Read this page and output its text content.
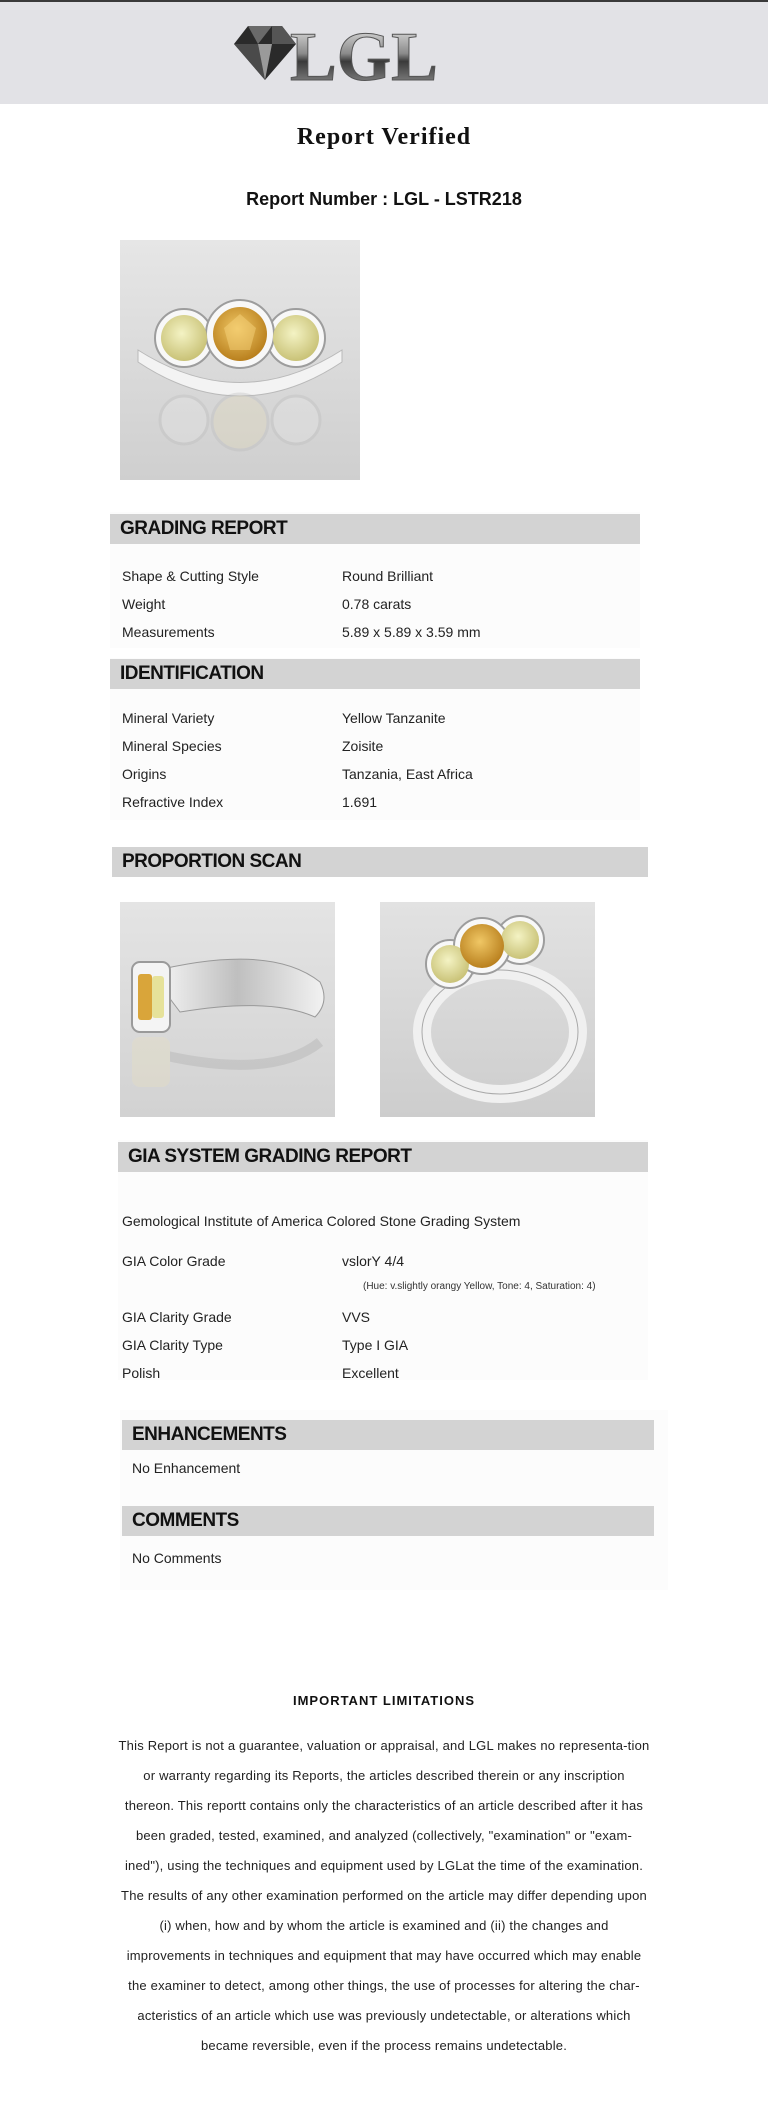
LGL
Report Verified
Report Number : LGL - LSTR218
GRADING REPORT
Shape & Cutting Style	Round Brilliant
Weight	0.78 carats
Measurements	5.89 x 5.89 x 3.59 mm
IDENTIFICATION
Mineral Variety	Yellow Tanzanite
Mineral Species	Zoisite
Origins	Tanzania, East Africa
Refractive Index	1.691
PROPORTION SCAN
GIA SYSTEM GRADING REPORT
Gemological Institute of America Colored Stone Grading System
GIA Color Grade	vslorY 4/4
(Hue: v.slightly orangy Yellow, Tone: 4, Saturation: 4)
GIA Clarity Grade	VVS
GIA Clarity Type	Type I GIA
Polish	Excellent
ENHANCEMENTS
No Enhancement
COMMENTS
No Comments
IMPORTANT LIMITATIONS
This Report is not a guarantee, valuation or appraisal, and LGL makes no representa-tion or warranty regarding its Reports, the articles described therein or any inscription thereon. This reportt contains only the characteristics of an article described after it has been graded, tested, examined, and analyzed (collectively, "examination" or "exam-ined"), using the techniques and equipment used by LGLat the time of the examination. The results of any other examination performed on the article may differ depending upon (i) when, how and by whom the article is examined and (ii) the changes and improvements in techniques and equipment that may have occurred which may enable the examiner to detect, among other things, the use of processes for altering the char-acteristics of an article which use was previously undetectable, or alterations which became reversible, even if the process remains undetectable.
